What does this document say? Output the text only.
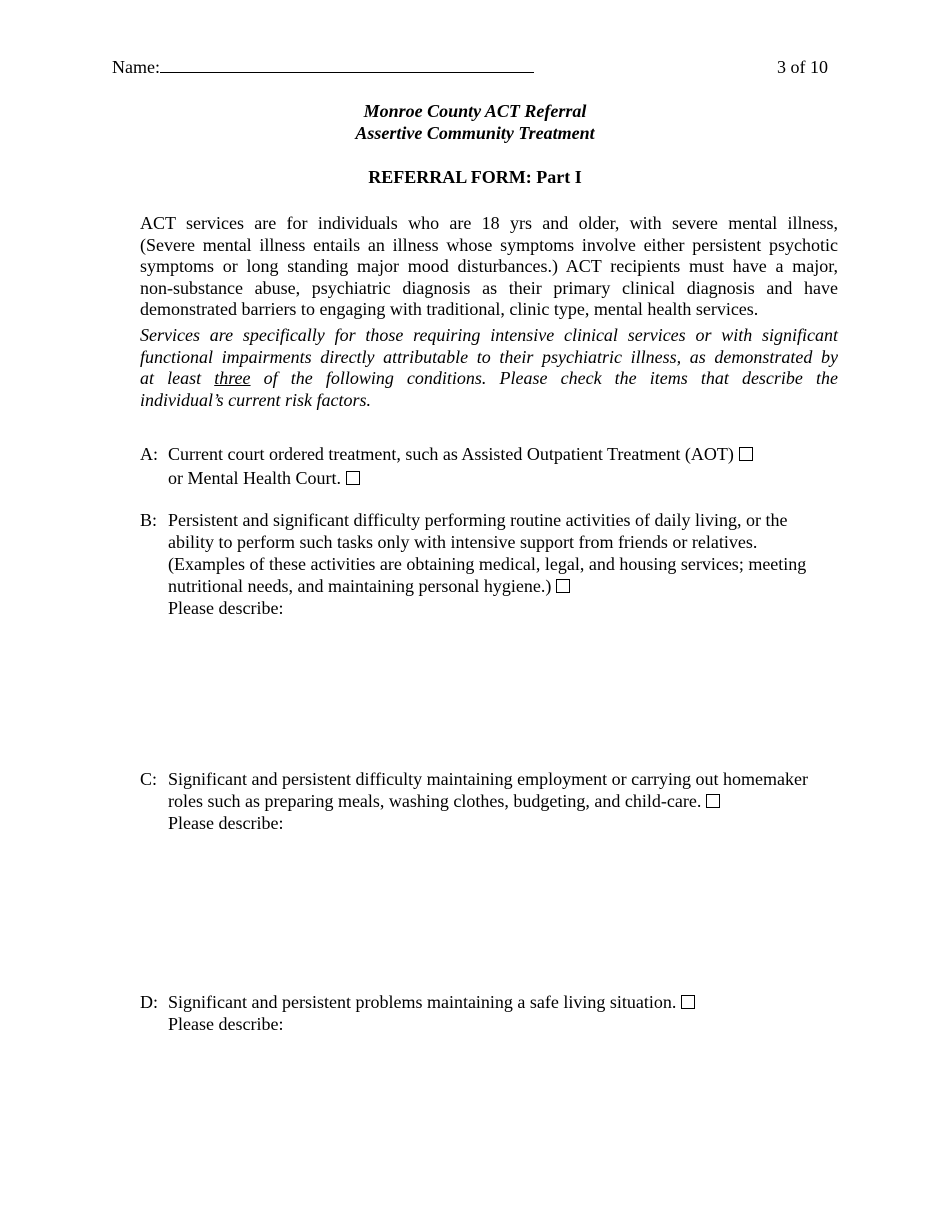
Name:	3 of 10
Monroe County ACT Referral
Assertive Community Treatment
REFERRAL FORM: Part I
ACT services are for individuals who are 18 yrs and older, with severe mental illness,
(Severe mental illness entails an illness whose symptoms involve either persistent psychotic
symptoms or long standing major mood disturbances.) ACT recipients must have a major,
non-substance abuse, psychiatric diagnosis as their primary clinical diagnosis and have
demonstrated barriers to engaging with traditional, clinic type, mental health services.
Services are specifically for those requiring intensive clinical services or with significant
functional impairments directly attributable to their psychiatric illness, as demonstrated by
at least three of the following conditions. Please check the items that describe the
individual’s current risk factors.
A: Current court ordered treatment, such as Assisted Outpatient Treatment (AOT)
or Mental Health Court.
B: Persistent and significant difficulty performing routine activities of daily living, or the
ability to perform such tasks only with intensive support from friends or relatives.
(Examples of these activities are obtaining medical, legal, and housing services; meeting
nutritional needs, and maintaining personal hygiene.)
Please describe:
C: Significant and persistent difficulty maintaining employment or carrying out homemaker
roles such as preparing meals, washing clothes, budgeting, and child-care.
Please describe:
D: Significant and persistent problems maintaining a safe living situation.
Please describe:
